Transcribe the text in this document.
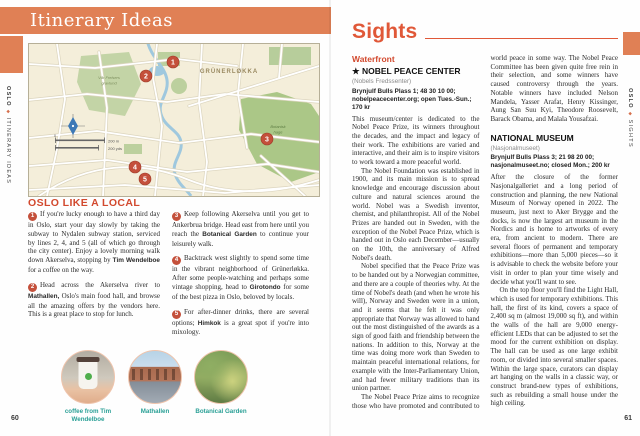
Itinerary Ideas
OSLO◆ITINERARY IDEAS	0
200 m
200 yds
GRÜNERLØKKA
Vår Frelsers
gravlund
Botanisk
hage
1
2
3
4
5
OSLO LIKE A LOCAL

1 If you're lucky enough to have a third day in Oslo, start your day slowly by taking the subway to Nydalen subway station, serviced by lines 2, 4, and 5 (all of which go through the city center). Enjoy a lovely morning walk down Akerselva, stopping by Tim Wendelboe for a coffee on the way.

2 Head across the Akerselva river to Mathallen, Oslo's main food hall, and browse all the amazing offers by the vendors here. This is a great place to stop for lunch.

3 Keep following Akerselva until you get to Ankerbrua bridge. Head east from here until you reach the Botanical Garden to continue your leisurely walk.

4 Backtrack west slightly to spend some time in the vibrant neighborhood of Grünerløkka. After some people-watching and perhaps some vintage shopping, head to Girotondo for some of the best pizza in Oslo, beloved by locals.

5 For after-dinner drinks, there are several options; Himkok is a great spot if you're into mixology.

coffee from Tim Wendelboe
Mathallen	Botanical Garden
60
Sights
Waterfront
★ NOBEL PEACE CENTER
(Nobels Fredssenter)
Brynjulf Bulls Plass 1; 48 30 10 00; nobelpeacecenter.org; open Tues.-Sun.; 170 kr

This museum/center is dedicated to the Nobel Peace Prize, its winners throughout the decades, and the impact and legacy of their work. The exhibitions are varied and interactive, and their aim is to inspire visitors to work toward a more peaceful world.

The Nobel Foundation was established in 1900, and its main mission is to spread knowledge and encourage discussion about culture and natural sciences around the world. Nobel was a Swedish inventor, chemist, and philanthropist. All of the Nobel Prizes are handed out in Sweden, with the exception of the Nobel Peace Prize, which is handed out in Oslo each December—usually on the 10th, the anniversary of Alfred Nobel's death.

Nobel specified that the Peace Prize was to be handed out by a Norwegian committee, and there are a couple of theories why. At the time of Nobel's death (and when he wrote his will), Norway and Sweden were in a union, and it seems that he felt it was only appropriate that Norway was allowed to hand out the most distinguished of the awards as a sign of good faith and friendship between the nations. In addition to this, Norway at the time was doing more work than Sweden to maintain peaceful international relations, for example with the Inter-Parliamentary Union, and had fewer military traditions than its union partner.

The Nobel Peace Prize aims to recognize those who have promoted and contributed to world peace in some way. The Nobel Peace Committee has been given quite free rein in their selection, and some winners have caused controversy through the years. Notable winners have included Nelson Mandela, Yasser Arafat, Henry Kissinger, Aung San Suu Kyi, Theodore Roosevelt, Barack Obama, and Malala Yousafzai.

NATIONAL MUSEUM
(Nasjonalmuseet)
Brynjulf Bulls Plass 3; 21 98 20 00; nasjonalmuseet.no; closed Mon.; 200 kr

After the closure of the former Nasjonalgalleriet and a long period of construction and planning, the new National Museum of Norway opened in 2022. The museum, just next to Aker Brygge and the docks, is now the largest art museum in the Nordics and is home to artworks of every era, from ancient to modern. There are several floors of permanent and temporary exhibitions—more than 5,000 pieces—so it is advisable to check the website before your visit in order to plan your time wisely and decide what you'll want to see.

On the top floor you'll find the Light Hall, which is used for temporary exhibitions. This hall, the first of its kind, covers a space of 2,400 sq m (almost 19,000 sq ft), and within the walls of the hall are 9,000 energy-efficient LEDs that can be adjusted to set the mood for the current exhibition on display. The hall can be used as one large exhibit room, or divided into several smaller spaces. Within the large space, curators can display art hanging on the walls in a classic way, or construct brand-new types of exhibitions, such as rebuilding a small house under the high ceiling.

OSLO◆SIGHTS
61
